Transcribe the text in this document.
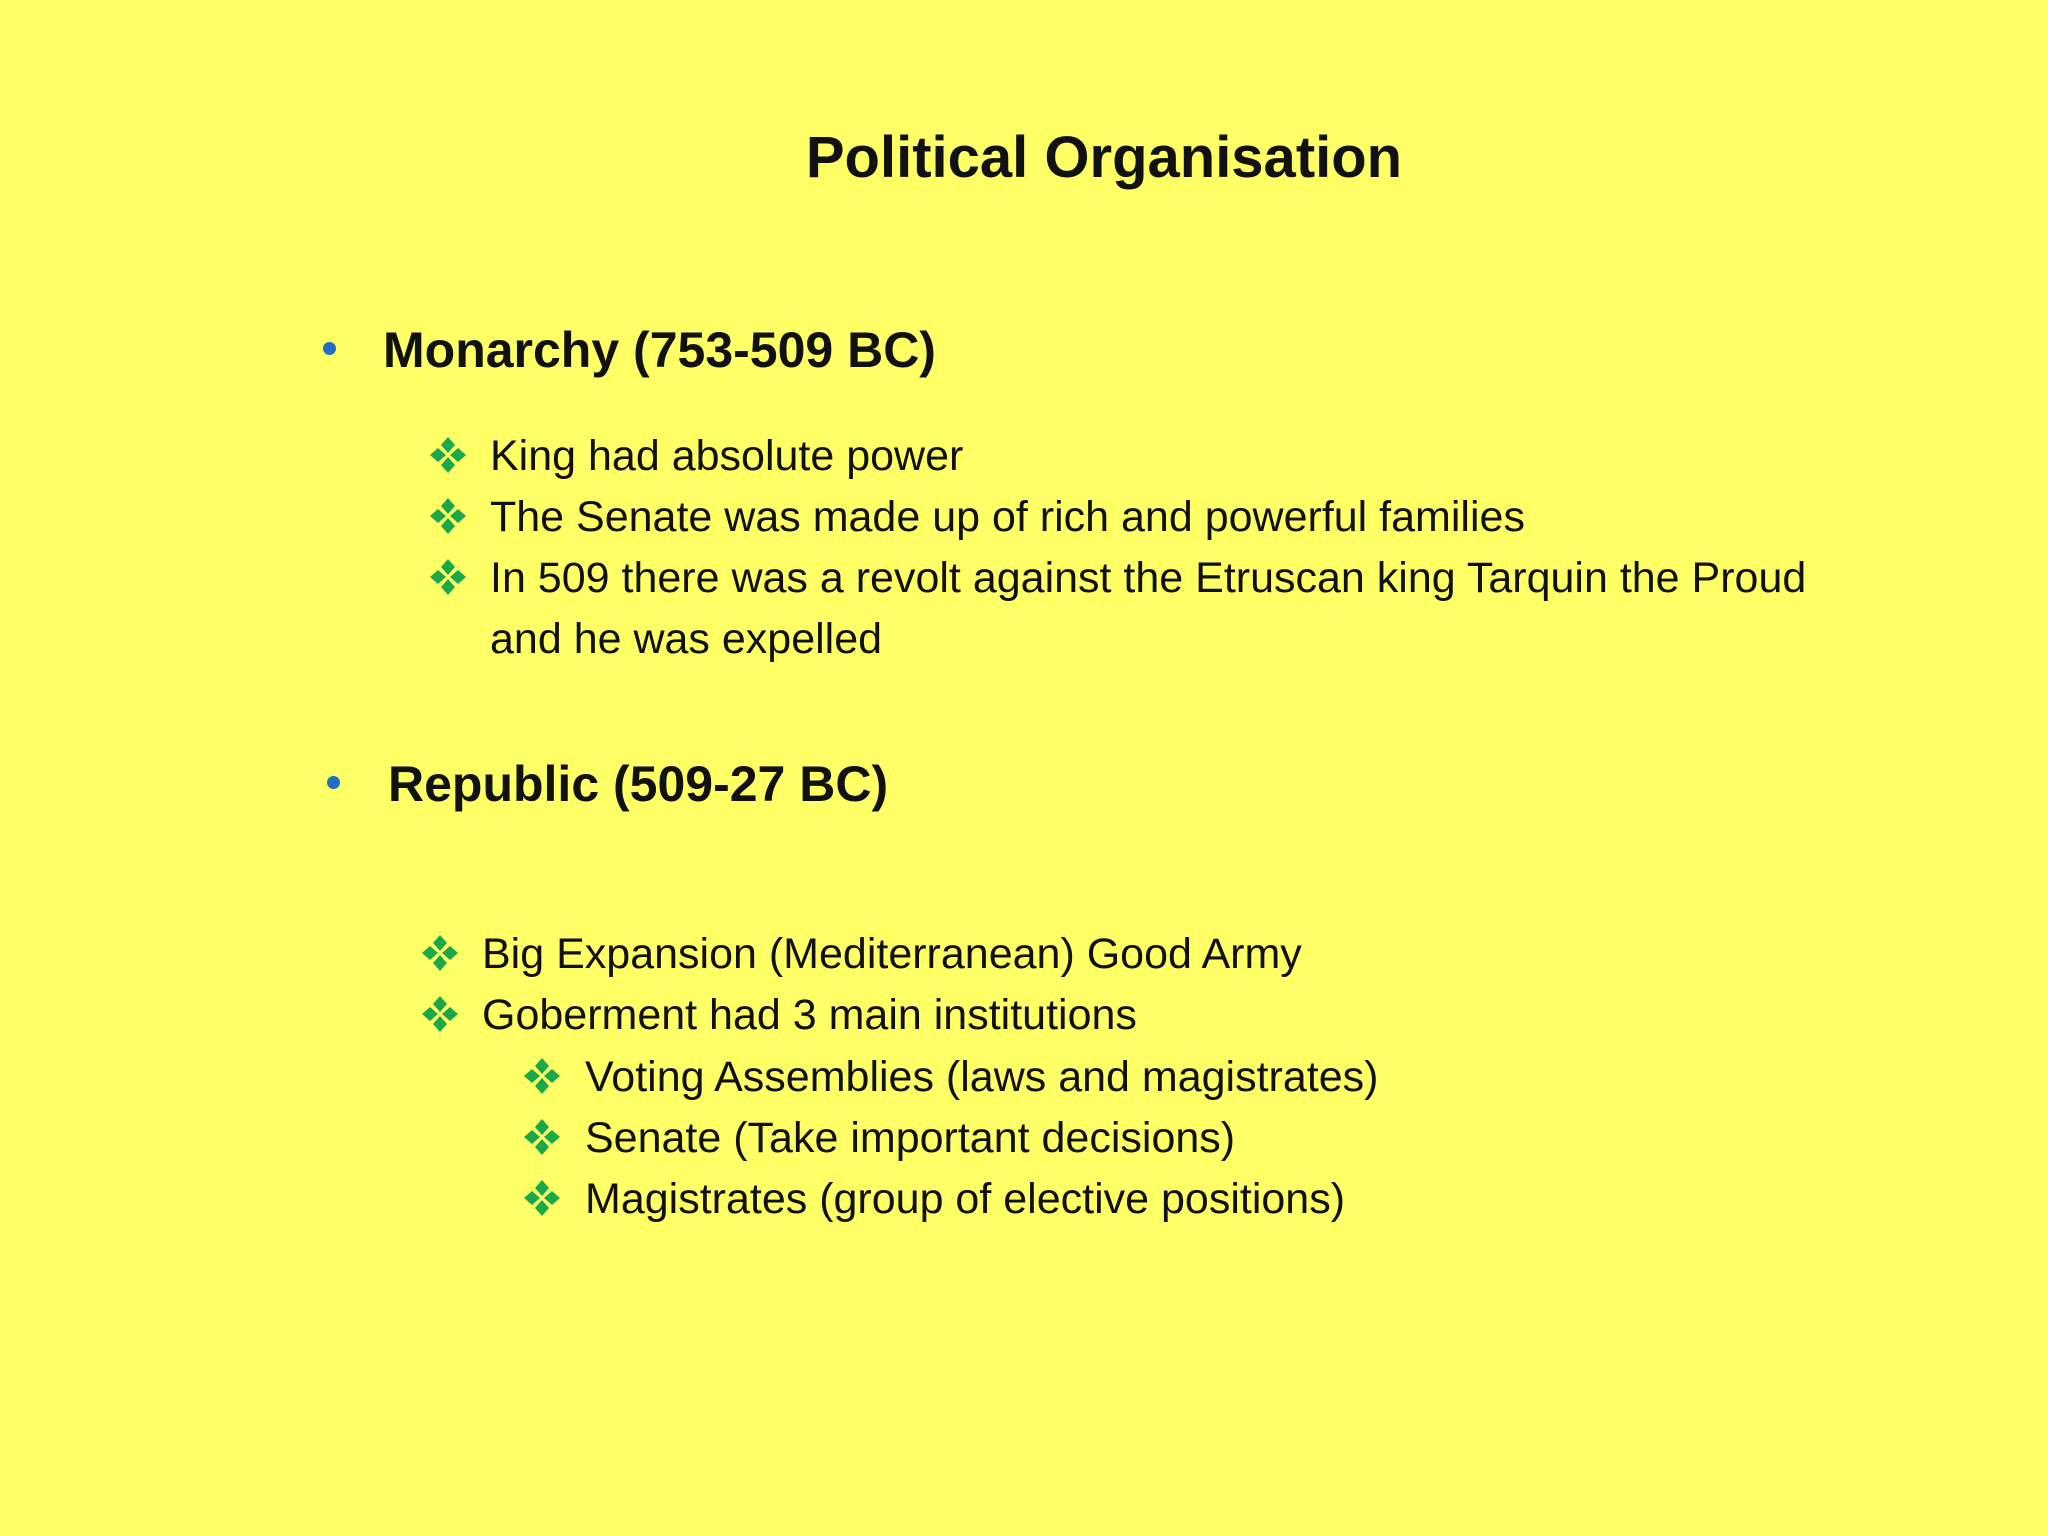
Political Organisation
Monarchy (753-509 BC)
King had absolute power
The Senate was made up of rich and powerful families
In 509 there was a revolt against the Etruscan king Tarquin the Proud
and he was expelled
Republic (509-27 BC)
Big Expansion (Mediterranean) Good Army
Goberment had 3 main institutions
Voting Assemblies (laws and magistrates)
Senate (Take important decisions)
Magistrates (group of elective positions)
